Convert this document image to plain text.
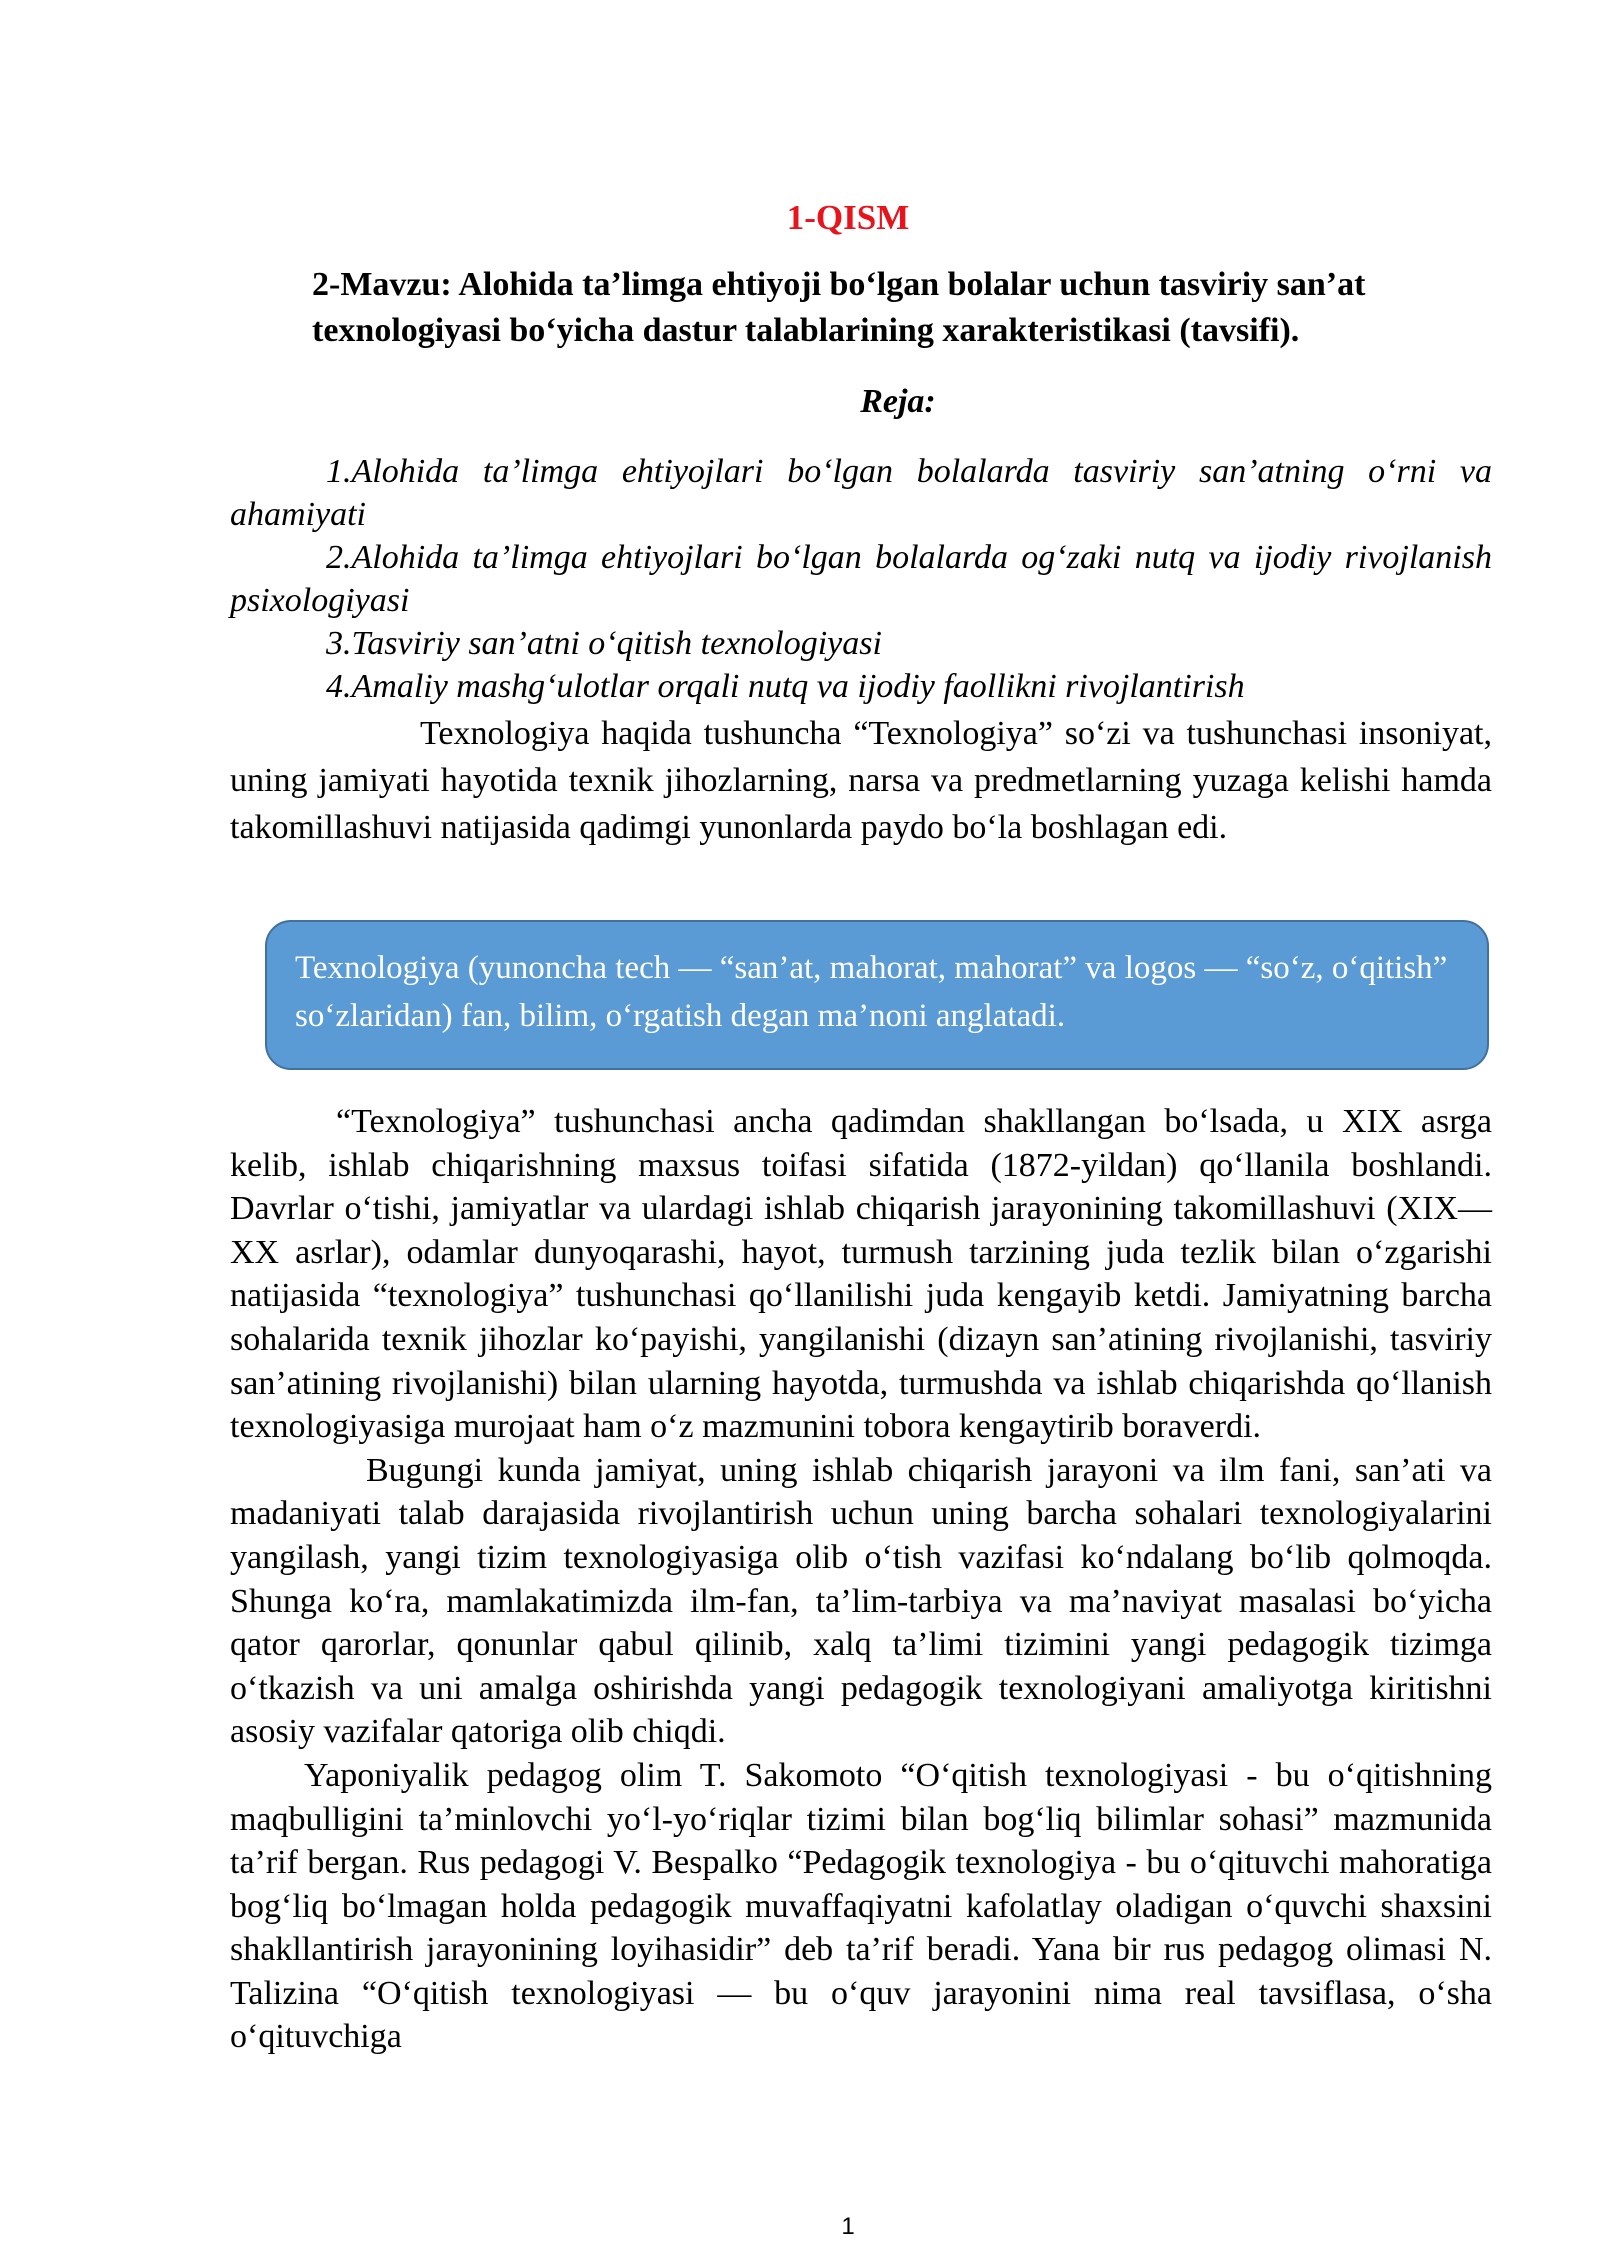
1-QISM
2-Mavzu: Alohida ta’limga ehtiyoji bo‘lgan bolalar uchun tasviriy san’at texnologiyasi bo‘yicha dastur talablarining xarakteristikasi (tavsifi).
Reja:
1.Alohida ta’limga ehtiyojlari bo‘lgan bolalarda tasviriy san’atning o‘rni va ahamiyati
2.Alohida ta’limga ehtiyojlari bo‘lgan bolalarda og‘zaki nutq va ijodiy rivojlanish psixologiyasi
3.Tasviriy san’atni o‘qitish texnologiyasi
4.Amaliy mashg‘ulotlar orqali nutq va ijodiy faollikni rivojlantirish
Texnologiya haqida tushuncha “Texnologiya” so‘zi va tushunchasi insoniyat, uning jamiyati hayotida texnik jihozlarning, narsa va predmetlarning yuzaga kelishi hamda takomillashuvi natijasida qadimgi yunonlarda paydo bo‘la boshlagan edi.
Texnologiya (yunoncha tech — “san’at, mahorat, mahorat” va logos — “so‘z, o‘qitish” so‘zlaridan) fan, bilim, o‘rgatish degan ma’noni anglatadi.

“Texnologiya” tushunchasi ancha qadimdan shakllangan bo‘lsada, u XIX asrga kelib, ishlab chiqarishning maxsus toifasi sifatida (1872-yildan) qo‘llanila boshlandi. Davrlar o‘tishi, jamiyatlar va ulardagi ishlab chiqarish jarayonining takomillashuvi (XIX—XX asrlar), odamlar dunyoqarashi, hayot, turmush tarzining juda tezlik bilan o‘zgarishi natijasida “texnologiya” tushunchasi qo‘llanilishi juda kengayib ketdi. Jamiyatning barcha sohalarida texnik jihozlar ko‘payishi, yangilanishi (dizayn san’atining rivojlanishi, tasviriy san’atining rivojlanishi) bilan ularning hayotda, turmushda va ishlab chiqarishda qo‘llanish texnologiyasiga murojaat ham o‘z mazmunini tobora kengaytirib boraverdi.

Bugungi kunda jamiyat, uning ishlab chiqarish jarayoni va ilm fani, san’ati va madaniyati talab darajasida rivojlantirish uchun uning barcha sohalari texnologiyalarini yangilash, yangi tizim texnologiyasiga olib o‘tish vazifasi ko‘ndalang bo‘lib qolmoqda. Shunga ko‘ra, mamlakatimizda ilm-fan, ta’lim-tarbiya va ma’naviyat masalasi bo‘yicha qator qarorlar, qonunlar qabul qilinib, xalq ta’limi tizimini yangi pedagogik tizimga o‘tkazish va uni amalga oshirishda yangi pedagogik texnologiyani amaliyotga kiritishni asosiy vazifalar qatoriga olib chiqdi.

Yaponiyalik pedagog olim T. Sakomoto “O‘qitish texnologiyasi - bu o‘qitishning maqbulligini ta’minlovchi yo‘l-yo‘riqlar tizimi bilan bog‘liq bilimlar sohasi” mazmunida ta’rif bergan. Rus pedagogi V. Bespalko “Pedagogik texnologiya - bu o‘qituvchi mahoratiga bog‘liq bo‘lmagan holda pedagogik muvaffaqiyatni kafolatlay oladigan o‘quvchi shaxsini shakllantirish jarayonining loyihasidir” deb ta’rif beradi. Yana bir rus pedagog olimasi N. Talizina “O‘qitish texnologiyasi — bu o‘quv jarayonini nima real tavsiflasa, o‘sha o‘qituvchiga

1
